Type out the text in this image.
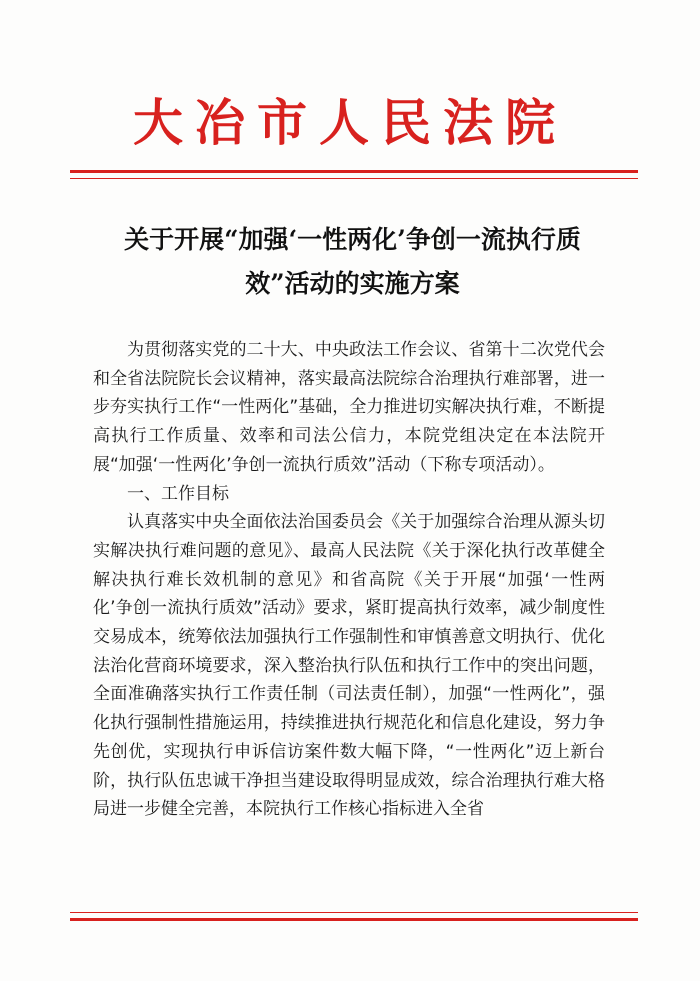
大冶市人民法院
关于开展“加强‘一性两化’争创一流执行质
效”活动的实施方案

为贯彻落实党的二十大、中央政法工作会议、省第十二次党代会和全省法院院长会议精神，落实最高法院综合治理执行难部署，进一步夯实执行工作“一性两化”基础，全力推进切实解决执行难，不断提高执行工作质量、效率和司法公信力，本院党组决定在本法院开展“加强‘一性两化’争创一流执行质效”活动（下称专项活动）。

一、工作目标

认真落实中央全面依法治国委员会《关于加强综合治理从源头切实解决执行难问题的意见》、最高人民法院《关于深化执行改革健全解决执行难长效机制的意见》和省高院《关于开展“加强‘一性两化’争创一流执行质效”活动》要求，紧盯提高执行效率，减少制度性交易成本，统筹依法加强执行工作强制性和审慎善意文明执行、优化法治化营商环境要求，深入整治执行队伍和执行工作中的突出问题，全面准确落实执行工作责任制（司法责任制），加强“一性两化”，强化执行强制性措施运用，持续推进执行规范化和信息化建设，努力争先创优，实现执行申诉信访案件数大幅下降，“一性两化”迈上新台阶，执行队伍忠诚干净担当建设取得明显成效，综合治理执行难大格局进一步健全完善，本院执行工作核心指标进入全省
